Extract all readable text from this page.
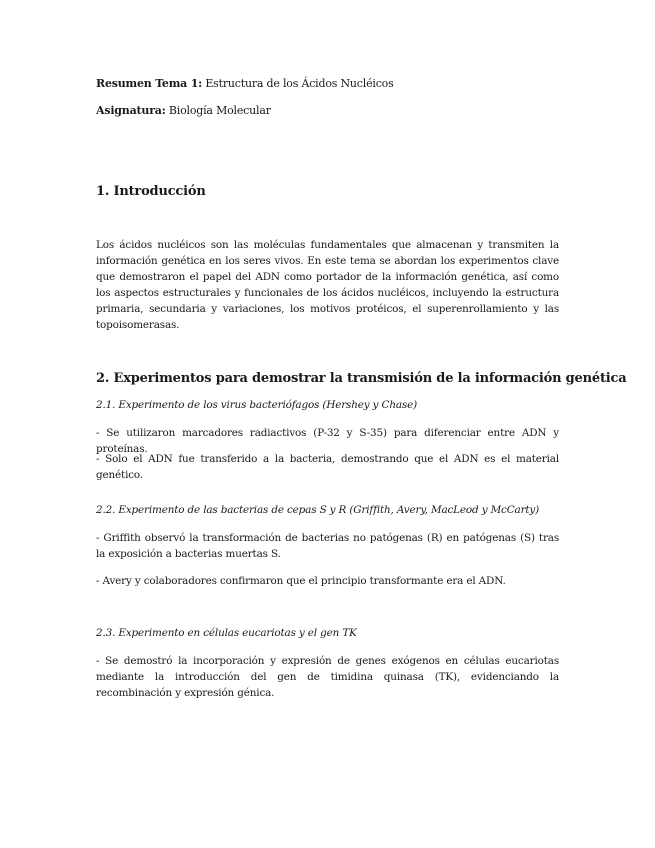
Resumen Tema 1: Estructura de los Ácidos Nucléicos
Asignatura: Biología Molecular
1. Introducción
Los ácidos nucléicos son las moléculas fundamentales que almacenan y transmiten la información genética en los seres vivos. En este tema se abordan los experimentos clave que demostraron el papel del ADN como portador de la información genética, así como los aspectos estructurales y funcionales de los ácidos nucléicos, incluyendo la estructura primaria, secundaria y variaciones, los motivos protéicos, el superenrollamiento y las topoisomerasas.
2. Experimentos para demostrar la transmisión de la información genética
2.1. Experimento de los virus bacteriófagos (Hershey y Chase)
- Se utilizaron marcadores radiactivos (P-32 y S-35) para diferenciar entre ADN y proteínas.
- Solo el ADN fue transferido a la bacteria, demostrando que el ADN es el material genético.
2.2. Experimento de las bacterias de cepas S y R (Griffith, Avery, MacLeod y McCarty)
- Griffith observó la transformación de bacterias no patógenas (R) en patógenas (S) tras la exposición a bacterias muertas S.
- Avery y colaboradores confirmaron que el principio transformante era el ADN.
2.3. Experimento en células eucariotas y el gen TK
- Se demostró la incorporación y expresión de genes exógenos en células eucariotas mediante la introducción del gen de timidina quinasa (TK), evidenciando la recombinación y expresión génica.
